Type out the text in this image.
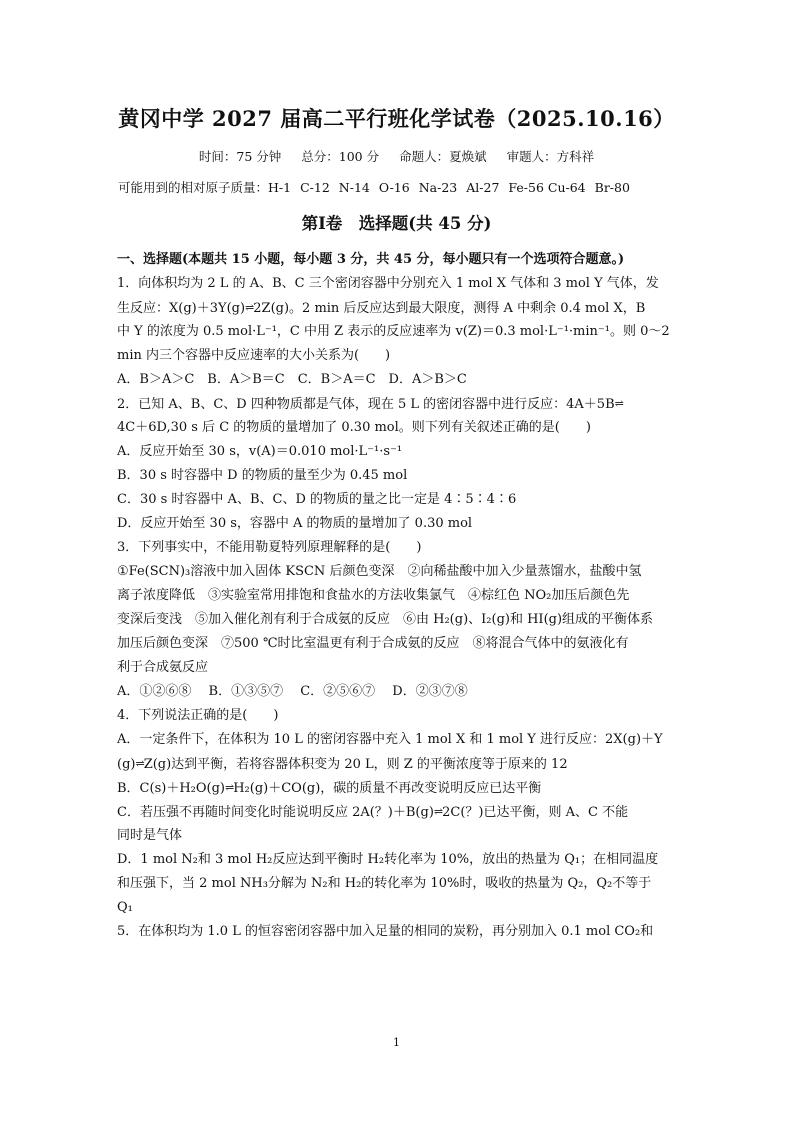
黄冈中学 2027 届高二平行班化学试卷（2025.10.16）
时间：75 分钟 总分：100 分 命题人：夏焕斌 审题人：方科祥
可能用到的相对原子质量：H-1 C-12 N-14 O-16 Na-23 Al-27 Fe-56 Cu-64 Br-80
第Ⅰ卷　选择题(共 45 分)
一、选择题(本题共 15 小题，每小题 3 分，共 45 分，每小题只有一个选项符合题意。)
1．向体积均为 2 L 的 A、B、C 三个密闭容器中分别充入 1 mol X 气体和 3 mol Y 气体，发
生反应：X(g)＋3Y(g)⇌2Z(g)。2 min 后反应达到最大限度，测得 A 中剩余 0.4 mol X，B
中 Y 的浓度为 0.5 mol·L⁻¹，C 中用 Z 表示的反应速率为 v(Z)＝0.3 mol·L⁻¹·min⁻¹。则 0～2
min 内三个容器中反应速率的大小关系为(　　)
A．B＞A＞C　B．A＞B＝C　C．B＞A＝C　D．A＞B＞C
2．已知 A、B、C、D 四种物质都是气体，现在 5 L 的密闭容器中进行反应：4A＋5B⇌
4C＋6D,30 s 后 C 的物质的量增加了 0.30 mol。则下列有关叙述正确的是(　　)
A．反应开始至 30 s，v(A)＝0.010 mol·L⁻¹·s⁻¹
B．30 s 时容器中 D 的物质的量至少为 0.45 mol
C．30 s 时容器中 A、B、C、D 的物质的量之比一定是 4∶5∶4∶6
D．反应开始至 30 s，容器中 A 的物质的量增加了 0.30 mol
3．下列事实中，不能用勒夏特列原理解释的是(　　)
①Fe(SCN)₃溶液中加入固体 KSCN 后颜色变深　②向稀盐酸中加入少量蒸馏水，盐酸中氢
离子浓度降低　③实验室常用排饱和食盐水的方法收集氯气　④棕红色 NO₂加压后颜色先
变深后变浅　⑤加入催化剂有利于合成氨的反应　⑥由 H₂(g)、I₂(g)和 HI(g)组成的平衡体系
加压后颜色变深　⑦500 ℃时比室温更有利于合成氨的反应　⑧将混合气体中的氨液化有
利于合成氨反应
A．①②⑥⑧　 B．①③⑤⑦　 C．②⑤⑥⑦　 D．②③⑦⑧
4．下列说法正确的是(　　)
A．一定条件下，在体积为 10 L 的密闭容器中充入 1 mol X 和 1 mol Y 进行反应：2X(g)＋Y
(g)⇌Z(g)达到平衡，若将容器体积变为 20 L，则 Z 的平衡浓度等于原来的 12
B．C(s)＋H₂O(g)⇌H₂(g)＋CO(g)，碳的质量不再改变说明反应已达平衡
C．若压强不再随时间变化时能说明反应 2A(？)＋B(g)⇌2C(？)已达平衡，则 A、C 不能
同时是气体
D．1 mol N₂和 3 mol H₂反应达到平衡时 H₂转化率为 10%，放出的热量为 Q₁；在相同温度
和压强下，当 2 mol NH₃分解为 N₂和 H₂的转化率为 10%时，吸收的热量为 Q₂，Q₂不等于
Q₁
5．在体积均为 1.0 L 的恒容密闭容器中加入足量的相同的炭粉，再分别加入 0.1 mol CO₂和
1
